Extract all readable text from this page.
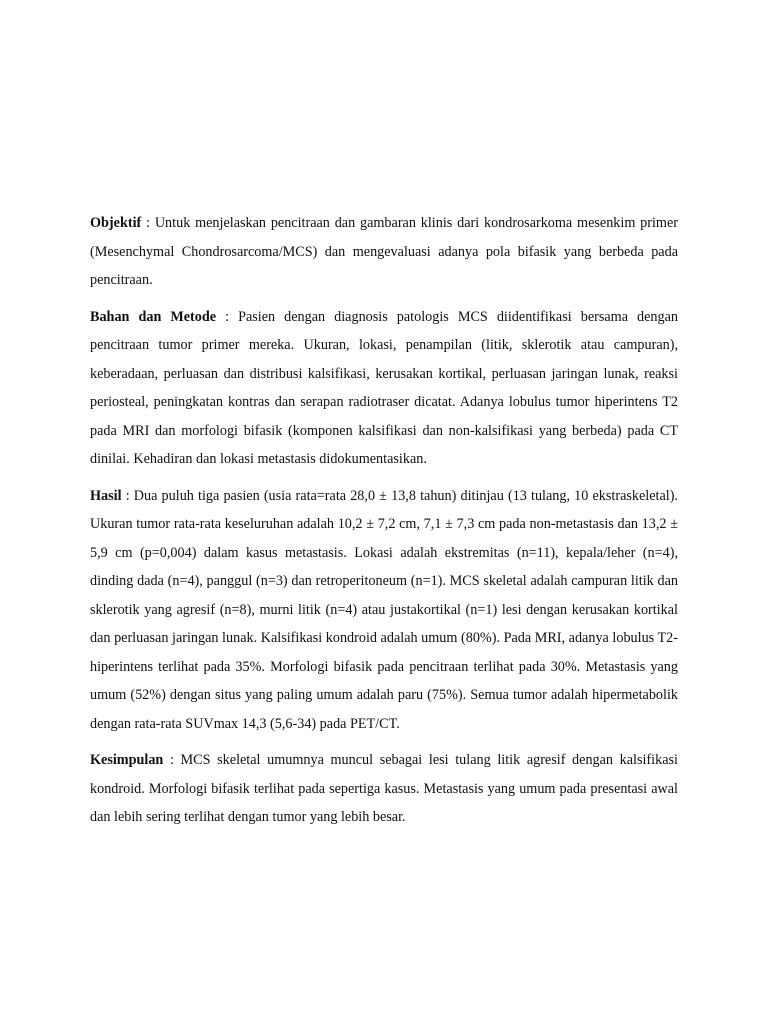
Objektif : Untuk menjelaskan pencitraan dan gambaran klinis dari kondrosarkoma mesenkim primer (Mesenchymal Chondrosarcoma/MCS) dan mengevaluasi adanya pola bifasik yang berbeda pada pencitraan.

Bahan dan Metode : Pasien dengan diagnosis patologis MCS diidentifikasi bersama dengan pencitraan tumor primer mereka. Ukuran, lokasi, penampilan (litik, sklerotik atau campuran), keberadaan, perluasan dan distribusi kalsifikasi, kerusakan kortikal, perluasan jaringan lunak, reaksi periosteal, peningkatan kontras dan serapan radiotraser dicatat. Adanya lobulus tumor hiperintens T2 pada MRI dan morfologi bifasik (komponen kalsifikasi dan non-kalsifikasi yang berbeda) pada CT dinilai. Kehadiran dan lokasi metastasis didokumentasikan.

Hasil : Dua puluh tiga pasien (usia rata=rata 28,0 ± 13,8 tahun) ditinjau (13 tulang, 10 ekstraskeletal). Ukuran tumor rata-rata keseluruhan adalah 10,2 ± 7,2 cm, 7,1 ± 7,3 cm pada non-metastasis dan 13,2 ± 5,9 cm (p=0,004) dalam kasus metastasis. Lokasi adalah ekstremitas (n=11), kepala/leher (n=4), dinding dada (n=4), panggul (n=3) dan retroperitoneum (n=1). MCS skeletal adalah campuran litik dan sklerotik yang agresif (n=8), murni litik (n=4) atau justakortikal (n=1) lesi dengan kerusakan kortikal dan perluasan jaringan lunak. Kalsifikasi kondroid adalah umum (80%). Pada MRI, adanya lobulus T2-hiperintens terlihat pada 35%. Morfologi bifasik pada pencitraan terlihat pada 30%. Metastasis yang umum (52%) dengan situs yang paling umum adalah paru (75%). Semua tumor adalah hipermetabolik dengan rata-rata SUVmax 14,3 (5,6-34) pada PET/CT.

Kesimpulan : MCS skeletal umumnya muncul sebagai lesi tulang litik agresif dengan kalsifikasi kondroid. Morfologi bifasik terlihat pada sepertiga kasus. Metastasis yang umum pada presentasi awal dan lebih sering terlihat dengan tumor yang lebih besar.
